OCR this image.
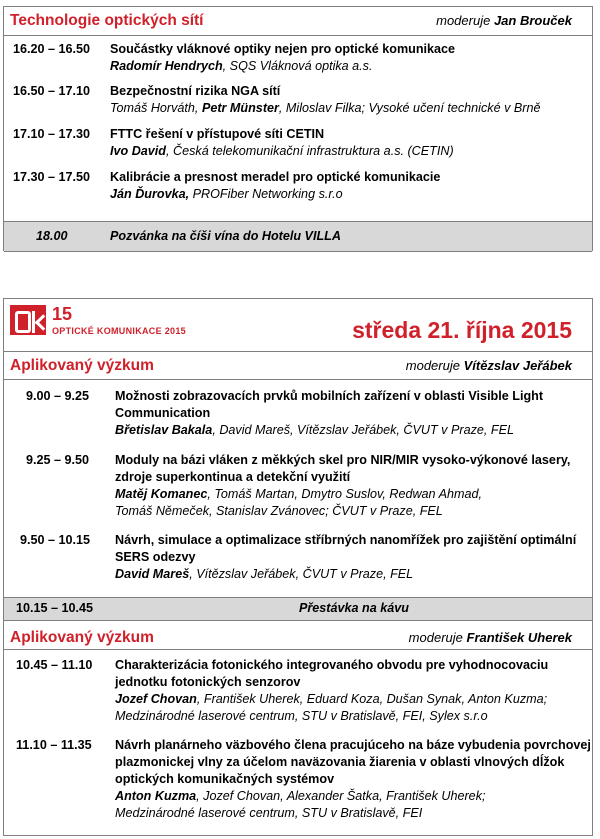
Technologie optických sítí	moderuje Jan Brouček
16.20 – 16.50 Součástky vláknové optiky nejen pro optické komunikace
Radomír Hendrych, SQS Vláknová optika a.s.
16.50 – 17.10 Bezpečnostní rizika NGA sítí
Tomáš Horváth, Petr Münster, Miloslav Filka; Vysoké učení technické v Brně
17.10 – 17.30 FTTC řešení v přístupové síti CETIN
Ivo David, Česká telekomunikační infrastruktura a.s. (CETIN)
17.30 – 17.50 Kalibrácie a presnost meradel pro optické komunikacie
Ján Ďurovka, PROFiber Networking s.r.o
18.00	Pozvánka na číši vína do Hotelu VILLA
15
OPTICKÉ KOMUNIKACE 2015	středa 21. října 2015
Aplikovaný výzkum	moderuje Vítězslav Jeřábek
9.00 – 9.25 Možnosti zobrazovacích prvků mobilních zařízení v oblasti Visible Light
Communication
Břetislav Bakala, David Mareš, Vítězslav Jeřábek, ČVUT v Praze, FEL
9.25 – 9.50 Moduly na bázi vláken z měkkých skel pro NIR/MIR vysoko-výkonové lasery,
zdroje superkontinua a detekční využití
Matěj Komanec, Tomáš Martan, Dmytro Suslov, Redwan Ahmad,
Tomáš Němeček, Stanislav Zvánovec; ČVUT v Praze, FEL
9.50 – 10.15 Návrh, simulace a optimalizace stříbrných nanomřížek pro zajištění optimální
SERS odezvy
David Mareš, Vítězslav Jeřábek, ČVUT v Praze, FEL
10.15 – 10.45	Přestávka na kávu
Aplikovaný výzkum	moderuje František Uherek
10.45 – 11.10 Charakterizácia fotonického integrovaného obvodu pre vyhodnocovaciu
jednotku fotonických senzorov
Jozef Chovan, František Uherek, Eduard Koza, Dušan Synak, Anton Kuzma;
Medzinárodné laserové centrum, STU v Bratislavě, FEI, Sylex s.r.o
11.10 – 11.35 Návrh planárneho väzbového člena pracujúceho na báze vybudenia povrchovej
plazmonickej vlny za účelom naväzovania žiarenia v oblasti vlnových dĺžok
optických komunikačných systémov
Anton Kuzma, Jozef Chovan, Alexander Šatka, František Uherek;
Medzinárodné laserové centrum, STU v Bratislavě, FEI
